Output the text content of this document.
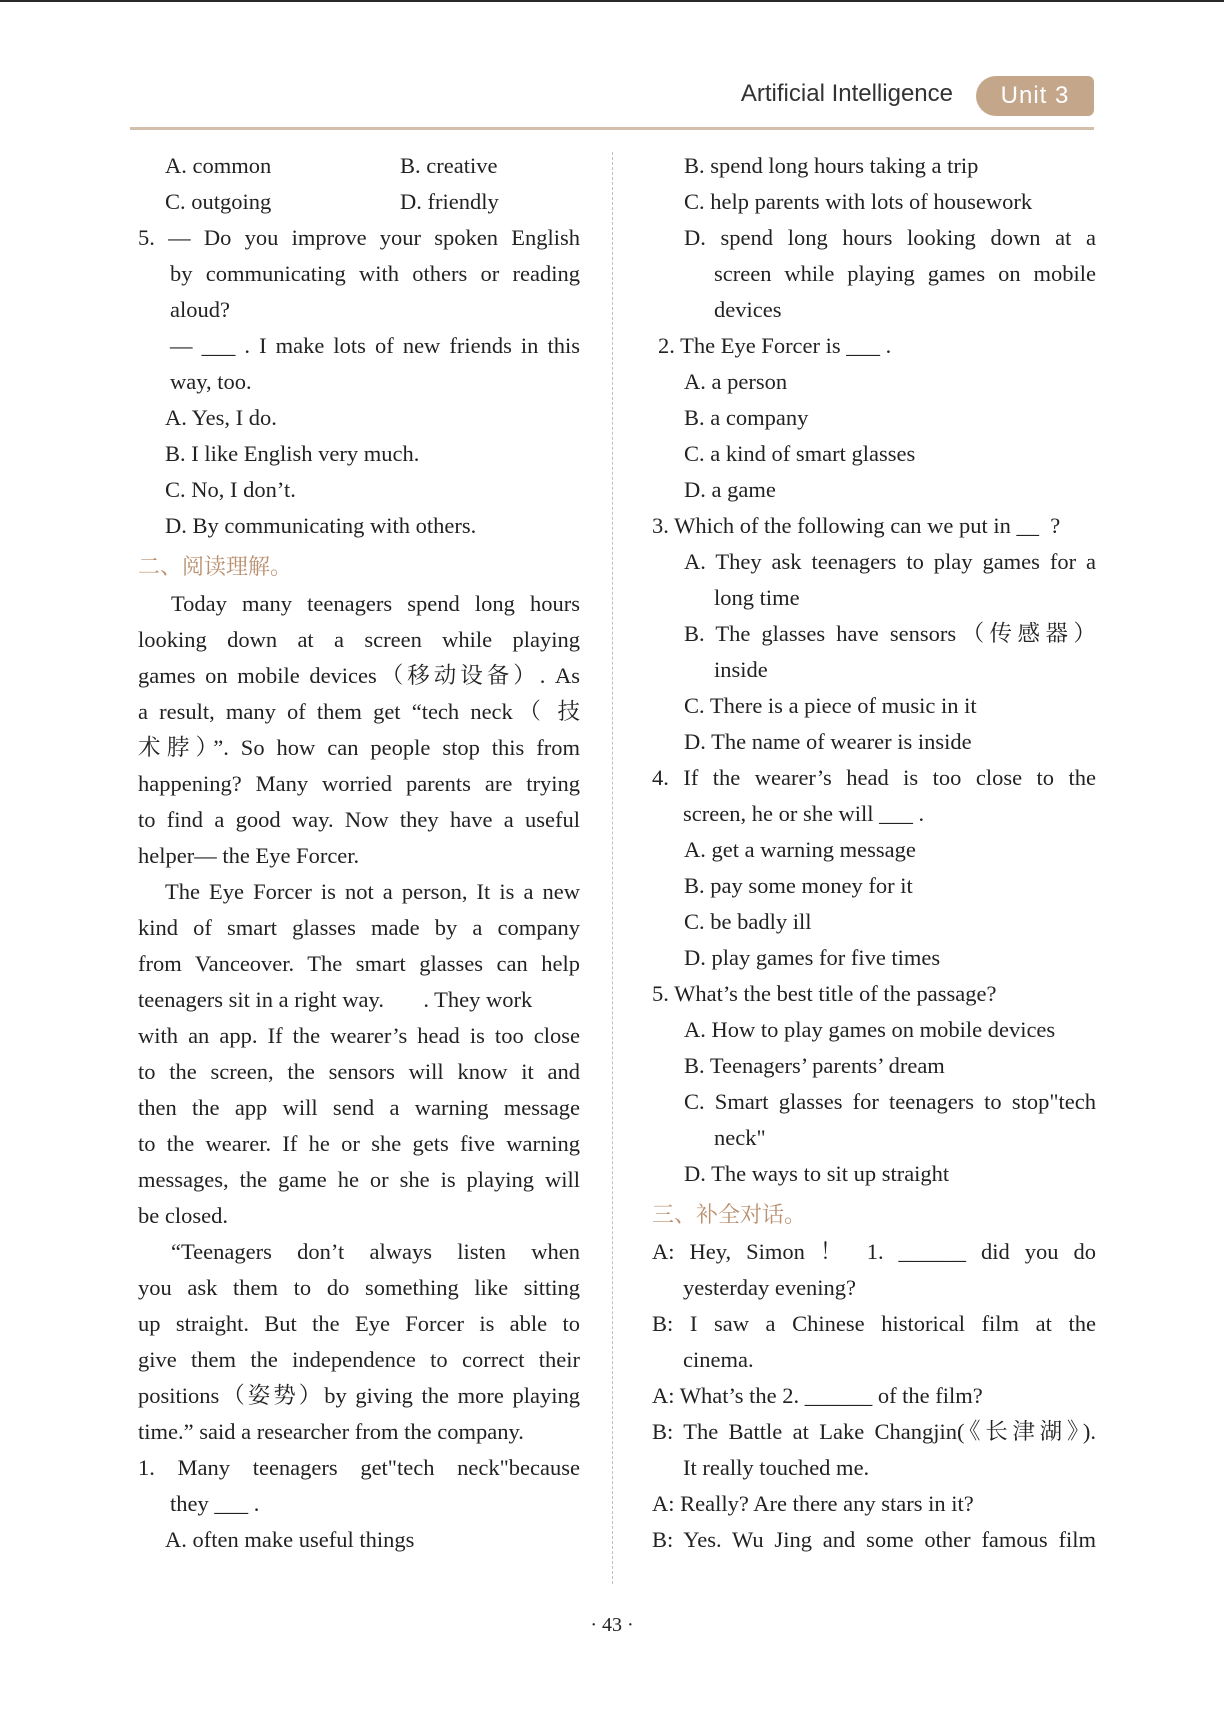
Artificial Intelligence	Unit 3
A. common	B. creative
C. outgoing	D. friendly
5. — Do you improve your spoken English
by communicating with others or reading
aloud?
— ___ . I make lots of new friends in this
way, too.
A. Yes, I do.
B. I like English very much.
C. No, I don’t.
D. By communicating with others.
二、阅读理解。
Today many teenagers spend long hours
looking down at a screen while playing
games on mobile devices（移动设备）. As
a result, many of them get “tech neck（ 技
术脖）”. So how can people stop this from
happening? Many worried parents are trying
to find a good way. Now they have a useful
helper— the Eye Forcer.
The Eye Forcer is not a person, It is a new
kind of smart glasses made by a company
from Vanceover. The smart glasses can help
teenagers sit in a right way.       . They work
with an app. If the wearer’s head is too close
to the screen, the sensors will know it and
then the app will send a warning message
to the wearer. If he or she gets five warning
messages, the game he or she is playing will
be closed.
“Teenagers don’t always listen when
you ask them to do something like sitting
up straight. But the Eye Forcer is able to
give them the independence to correct their
positions（姿势）by giving the more playing
time.” said a researcher from the company.
1. Many teenagers get"tech neck"because
they ___ .
A. often make useful things
B. spend long hours taking a trip
C. help parents with lots of housework
D. spend long hours looking down at a
screen while playing games on mobile
devices
2. The Eye Forcer is ___ .
A. a person
B. a company
C. a kind of smart glasses
D. a game
3. Which of the following can we put in __  ?
A. They ask teenagers to play games for a
long time
B. The glasses have sensors（传感器）
inside
C. There is a piece of music in it
D. The name of wearer is inside
4. If the wearer’s head is too close to the
screen, he or she will ___ .
A. get a warning message
B. pay some money for it
C. be badly ill
D. play games for five times
5. What’s the best title of the passage?
A. How to play games on mobile devices
B. Teenagers’ parents’ dream
C. Smart glasses for teenagers to stop"tech
neck"
D. The ways to sit up straight
三、补全对话。
A: Hey, Simon ！ 1. ______ did you do
yesterday evening?
B: I saw a Chinese historical film at the
cinema.
A: What’s the 2. ______ of the film?
B: The Battle at Lake Changjin(《长津湖》).
It really touched me.
A: Really? Are there any stars in it?
B: Yes. Wu Jing and some other famous film
· 43 ·
